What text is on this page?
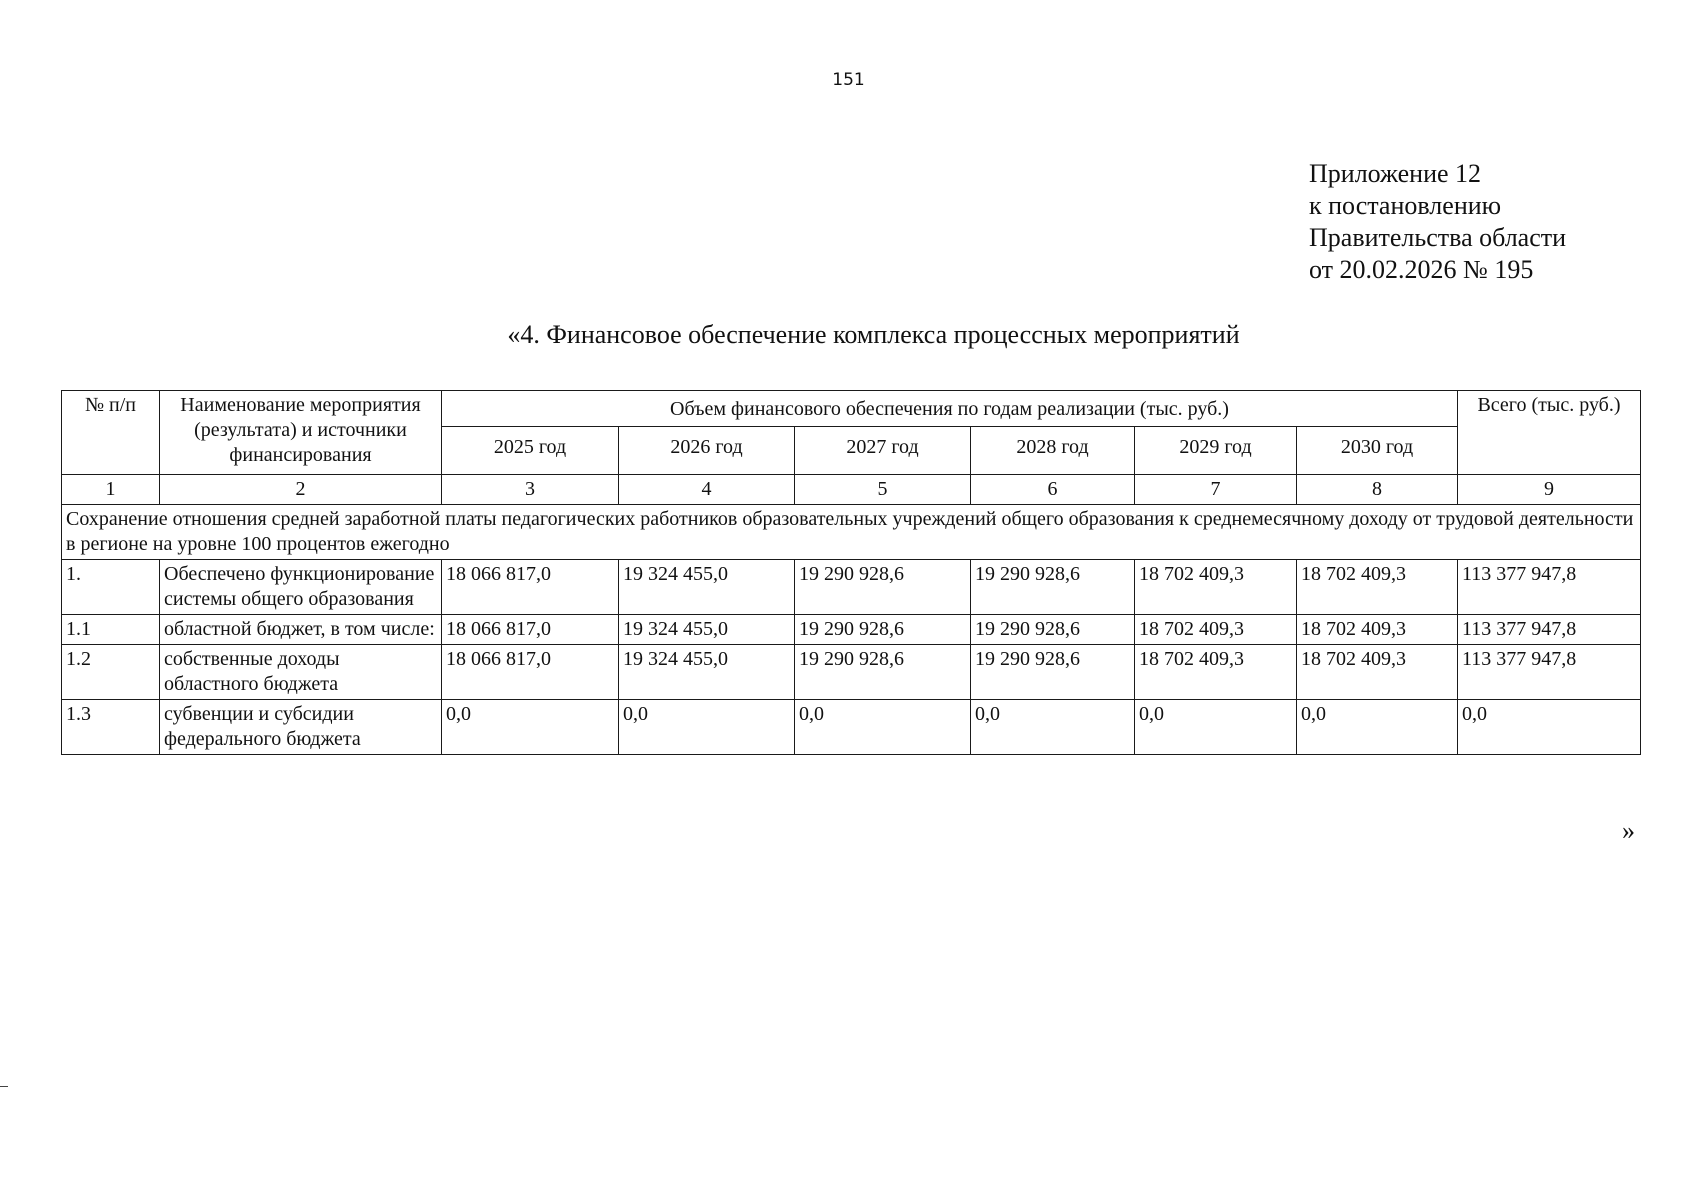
151
Приложение 12
к постановлению
Правительства области
от 20.02.2026 № 195
«4. Финансовое обеспечение комплекса процессных мероприятий
№ п/п	Наименование мероприятия (результата) и источники финансирования	Объем финансового обеспечения по годам реализации (тыс. руб.)						Всего (тыс. руб.)
		2025 год	2026 год	2027 год	2028 год	2029 год	2030 год	
1	2	3	4	5	6	7	8	9
Сохранение отношения средней заработной платы педагогических работников образовательных учреждений общего образования к среднемесячному доходу от трудовой деятельности в регионе на уровне 100 процентов ежегодно								
1.	Обеспечено функционирование системы общего образования	18 066 817,0	19 324 455,0	19 290 928,6	19 290 928,6	18 702 409,3	18 702 409,3	113 377 947,8
1.1	областной бюджет, в том числе:	18 066 817,0	19 324 455,0	19 290 928,6	19 290 928,6	18 702 409,3	18 702 409,3	113 377 947,8
1.2	собственные доходы областного бюджета	18 066 817,0	19 324 455,0	19 290 928,6	19 290 928,6	18 702 409,3	18 702 409,3	113 377 947,8
1.3	субвенции и субсидии федерального бюджета	0,0	0,0	0,0	0,0	0,0	0,0	0,0
»
